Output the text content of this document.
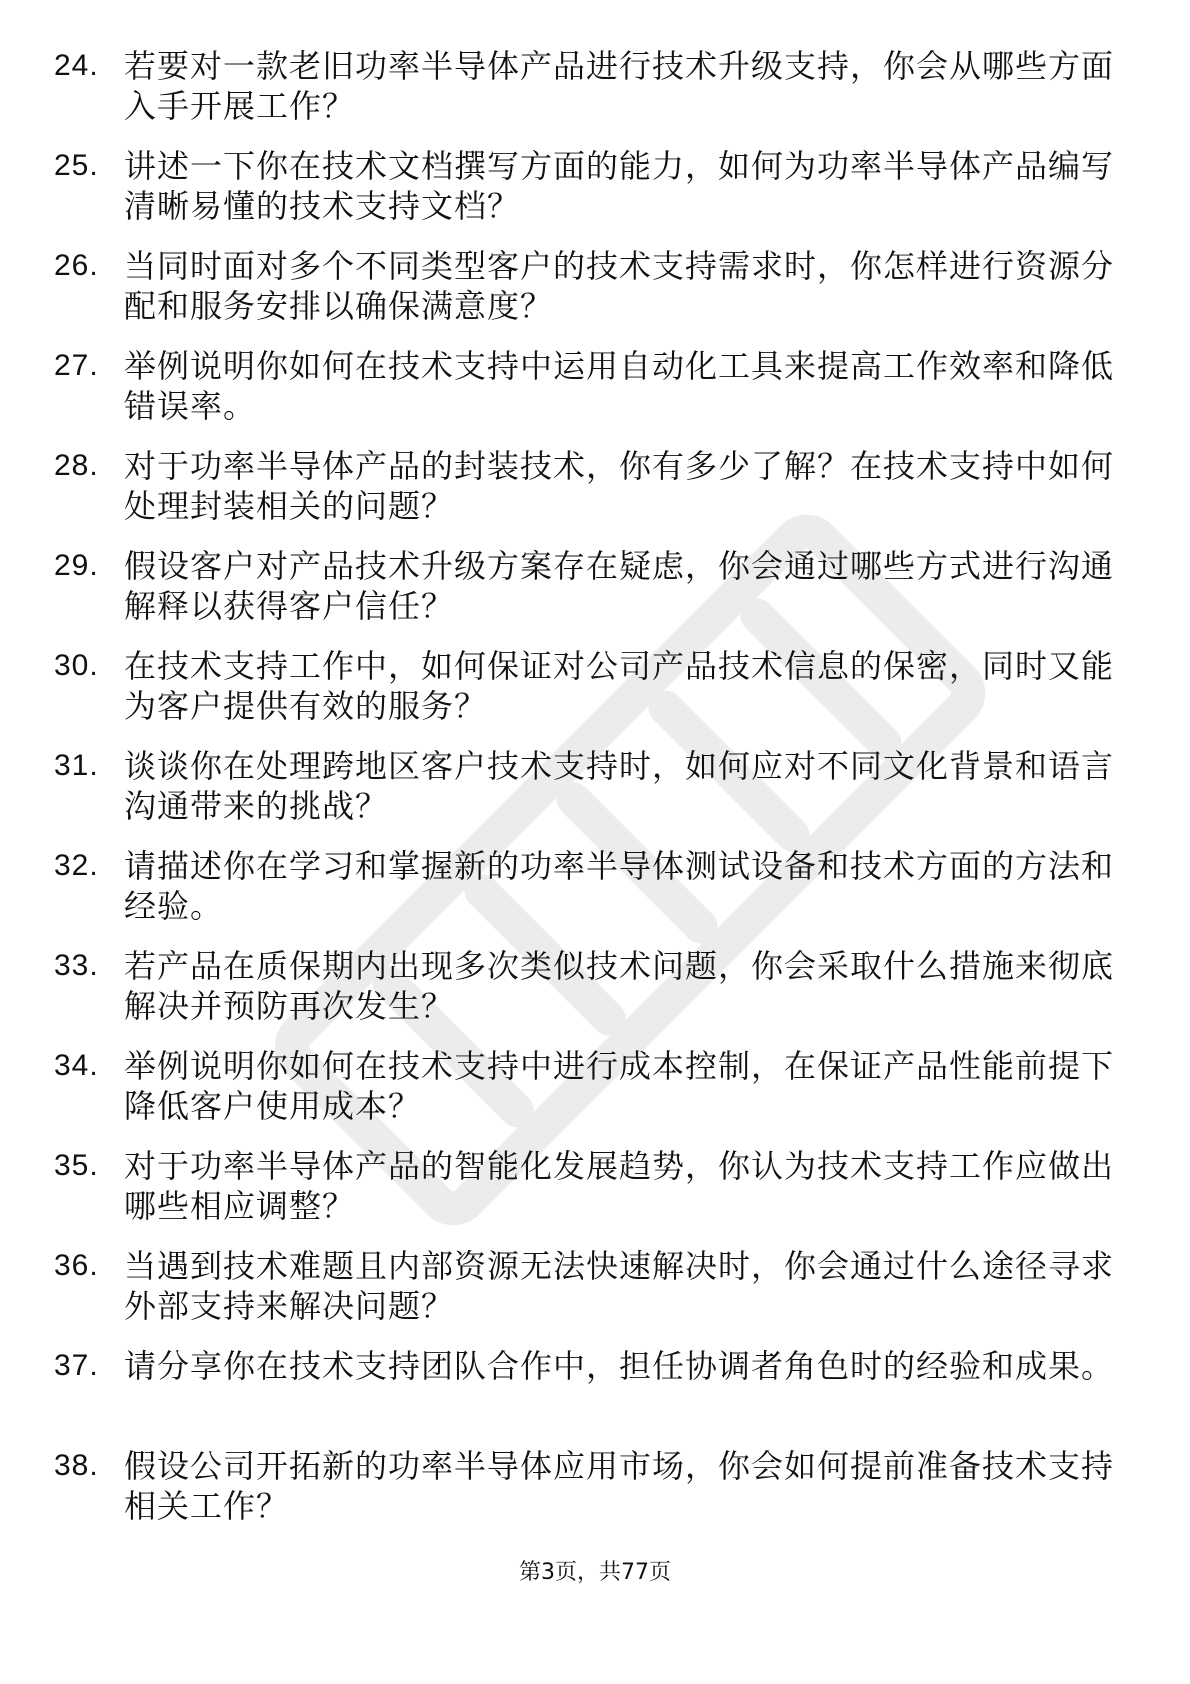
24. 若要对一款老旧功率半导体产品进行技术升级支持，你会从哪些方面入手开展工作？
25. 讲述一下你在技术文档撰写方面的能力，如何为功率半导体产品编写清晰易懂的技术支持文档？
26. 当同时面对多个不同类型客户的技术支持需求时，你怎样进行资源分配和服务安排以确保满意度？
27. 举例说明你如何在技术支持中运用自动化工具来提高工作效率和降低错误率。
28. 对于功率半导体产品的封装技术，你有多少了解？在技术支持中如何处理封装相关的问题？
29. 假设客户对产品技术升级方案存在疑虑，你会通过哪些方式进行沟通解释以获得客户信任？
30. 在技术支持工作中，如何保证对公司产品技术信息的保密，同时又能为客户提供有效的服务？
31. 谈谈你在处理跨地区客户技术支持时，如何应对不同文化背景和语言沟通带来的挑战？
32. 请描述你在学习和掌握新的功率半导体测试设备和技术方面的方法和经验。
33. 若产品在质保期内出现多次类似技术问题，你会采取什么措施来彻底解决并预防再次发生？
34. 举例说明你如何在技术支持中进行成本控制，在保证产品性能前提下降低客户使用成本？
35. 对于功率半导体产品的智能化发展趋势，你认为技术支持工作应做出哪些相应调整？
36. 当遇到技术难题且内部资源无法快速解决时，你会通过什么途径寻求外部支持来解决问题？
37. 请分享你在技术支持团队合作中，担任协调者角色时的经验和成果。
38. 假设公司开拓新的功率半导体应用市场，你会如何提前准备技术支持相关工作？
第3页，共77页
